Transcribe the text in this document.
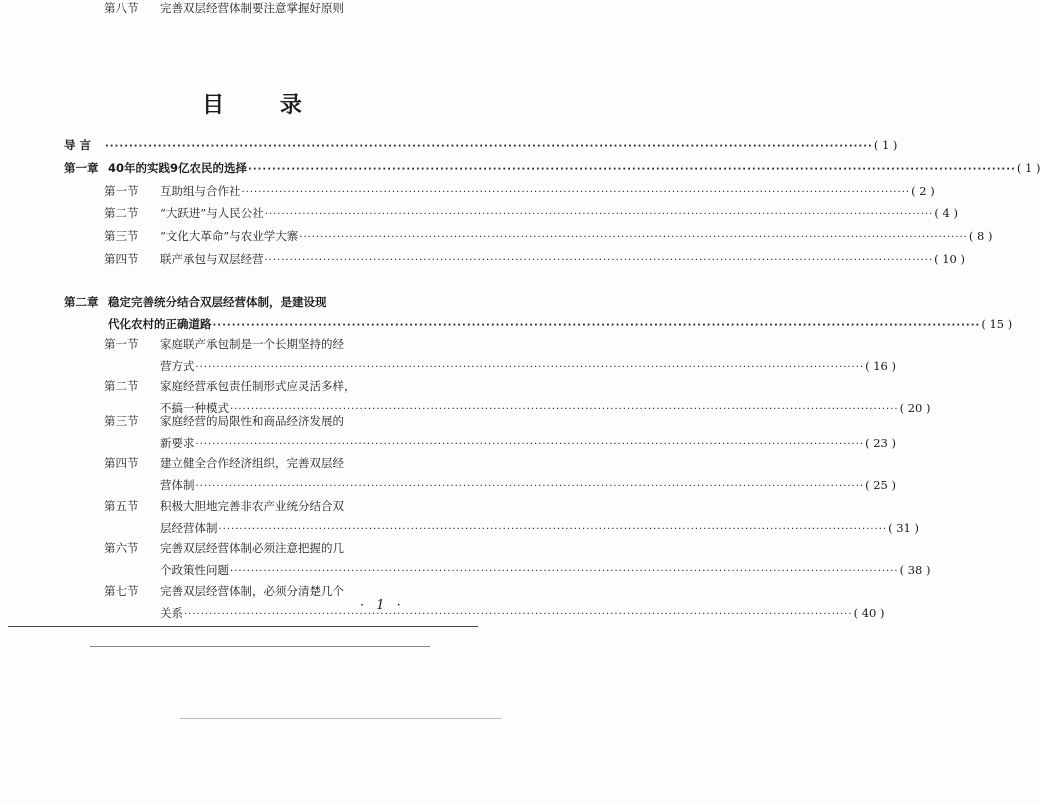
目 录
导 言 ································································································································································ ( 1 )
第一章 40年的实践9亿农民的选择 ································································································································································ ( 1 )
第一节 互助组与合作社 ································································································································································ ( 2 )
第二节 “大跃进”与人民公社 ································································································································································ ( 4 )
第三节 “文化大革命”与农业学大寨 ································································································································································ ( 8 )
第四节 联产承包与双层经营 ································································································································································ ( 10 )
第二章 稳定完善统分结合双层经营体制，是建设现
代化农村的正确道路 ································································································································································ ( 15 )
第一节 家庭联产承包制是一个长期坚持的经
营方式 ································································································································································ ( 16 )
第二节 家庭经营承包责任制形式应灵活多样，
不搞一种模式 ································································································································································ ( 20 )
第三节 家庭经营的局限性和商品经济发展的
新要求 ································································································································································ ( 23 )
第四节 建立健全合作经济组织，完善双层经
营体制 ································································································································································ ( 25 )
第五节 积极大胆地完善非农产业统分结合双
层经营体制 ································································································································································ ( 31 )
第六节 完善双层经营体制必须注意把握的几
个政策性问题 ································································································································································ ( 38 )
第七节 完善双层经营体制，必须分清楚几个
关系 ································································································································································ ( 40 )
第八节 完善双层经营体制要注意掌握好原则
· 1 ·
